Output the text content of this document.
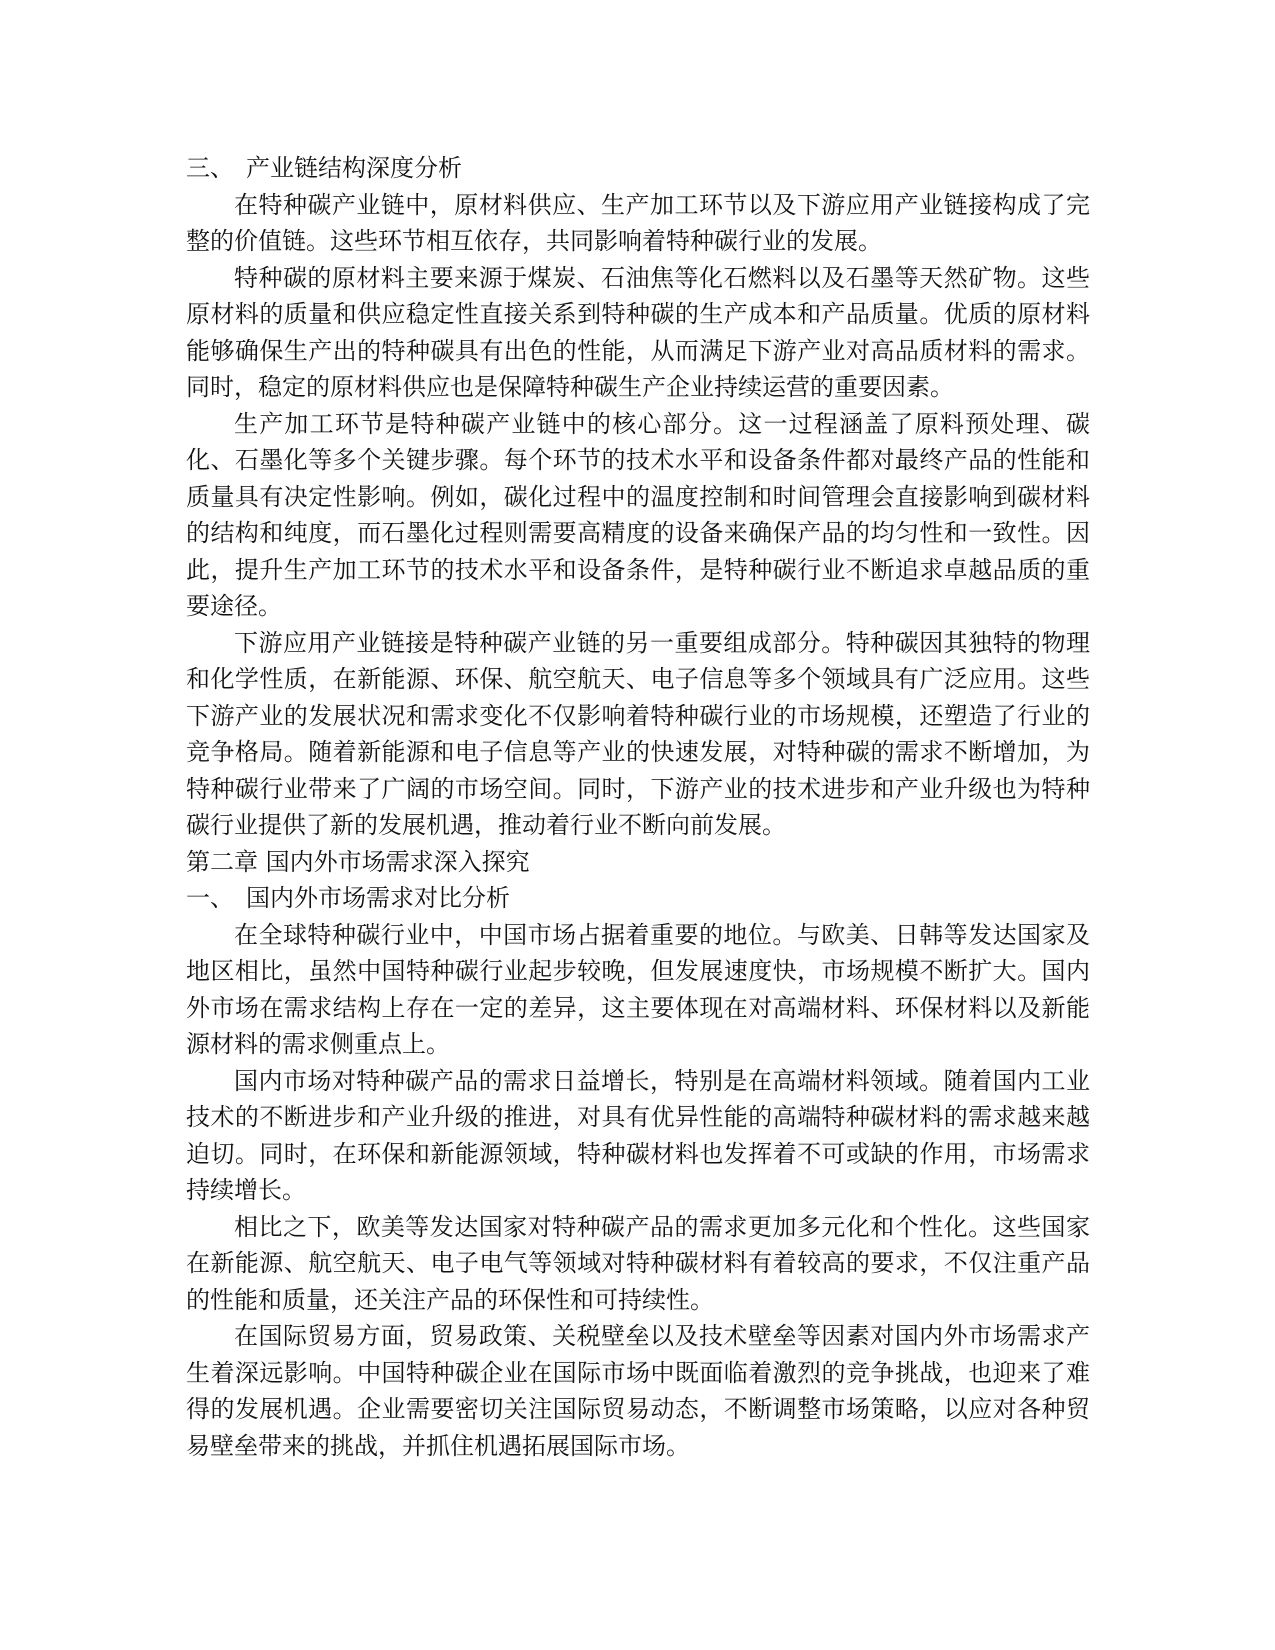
三、 产业链结构深度分析

在特种碳产业链中，原材料供应、生产加工环节以及下游应用产业链接构成了完整的价值链。这些环节相互依存，共同影响着特种碳行业的发展。

特种碳的原材料主要来源于煤炭、石油焦等化石燃料以及石墨等天然矿物。这些原材料的质量和供应稳定性直接关系到特种碳的生产成本和产品质量。优质的原材料能够确保生产出的特种碳具有出色的性能，从而满足下游产业对高品质材料的需求。同时，稳定的原材料供应也是保障特种碳生产企业持续运营的重要因素。

生产加工环节是特种碳产业链中的核心部分。这一过程涵盖了原料预处理、碳化、石墨化等多个关键步骤。每个环节的技术水平和设备条件都对最终产品的性能和质量具有决定性影响。例如，碳化过程中的温度控制和时间管理会直接影响到碳材料的结构和纯度，而石墨化过程则需要高精度的设备来确保产品的均匀性和一致性。因此，提升生产加工环节的技术水平和设备条件，是特种碳行业不断追求卓越品质的重要途径。

下游应用产业链接是特种碳产业链的另一重要组成部分。特种碳因其独特的物理和化学性质，在新能源、环保、航空航天、电子信息等多个领域具有广泛应用。这些下游产业的发展状况和需求变化不仅影响着特种碳行业的市场规模，还塑造了行业的竞争格局。随着新能源和电子信息等产业的快速发展，对特种碳的需求不断增加，为特种碳行业带来了广阔的市场空间。同时，下游产业的技术进步和产业升级也为特种碳行业提供了新的发展机遇，推动着行业不断向前发展。

第二章 国内外市场需求深入探究

一、 国内外市场需求对比分析

在全球特种碳行业中，中国市场占据着重要的地位。与欧美、日韩等发达国家及地区相比，虽然中国特种碳行业起步较晚，但发展速度快，市场规模不断扩大。国内外市场在需求结构上存在一定的差异，这主要体现在对高端材料、环保材料以及新能源材料的需求侧重点上。

国内市场对特种碳产品的需求日益增长，特别是在高端材料领域。随着国内工业技术的不断进步和产业升级的推进，对具有优异性能的高端特种碳材料的需求越来越迫切。同时，在环保和新能源领域，特种碳材料也发挥着不可或缺的作用，市场需求持续增长。

相比之下，欧美等发达国家对特种碳产品的需求更加多元化和个性化。这些国家在新能源、航空航天、电子电气等领域对特种碳材料有着较高的要求，不仅注重产品的性能和质量，还关注产品的环保性和可持续性。

在国际贸易方面，贸易政策、关税壁垒以及技术壁垒等因素对国内外市场需求产生着深远影响。中国特种碳企业在国际市场中既面临着激烈的竞争挑战，也迎来了难得的发展机遇。企业需要密切关注国际贸易动态，不断调整市场策略，以应对各种贸易壁垒带来的挑战，并抓住机遇拓展国际市场。
